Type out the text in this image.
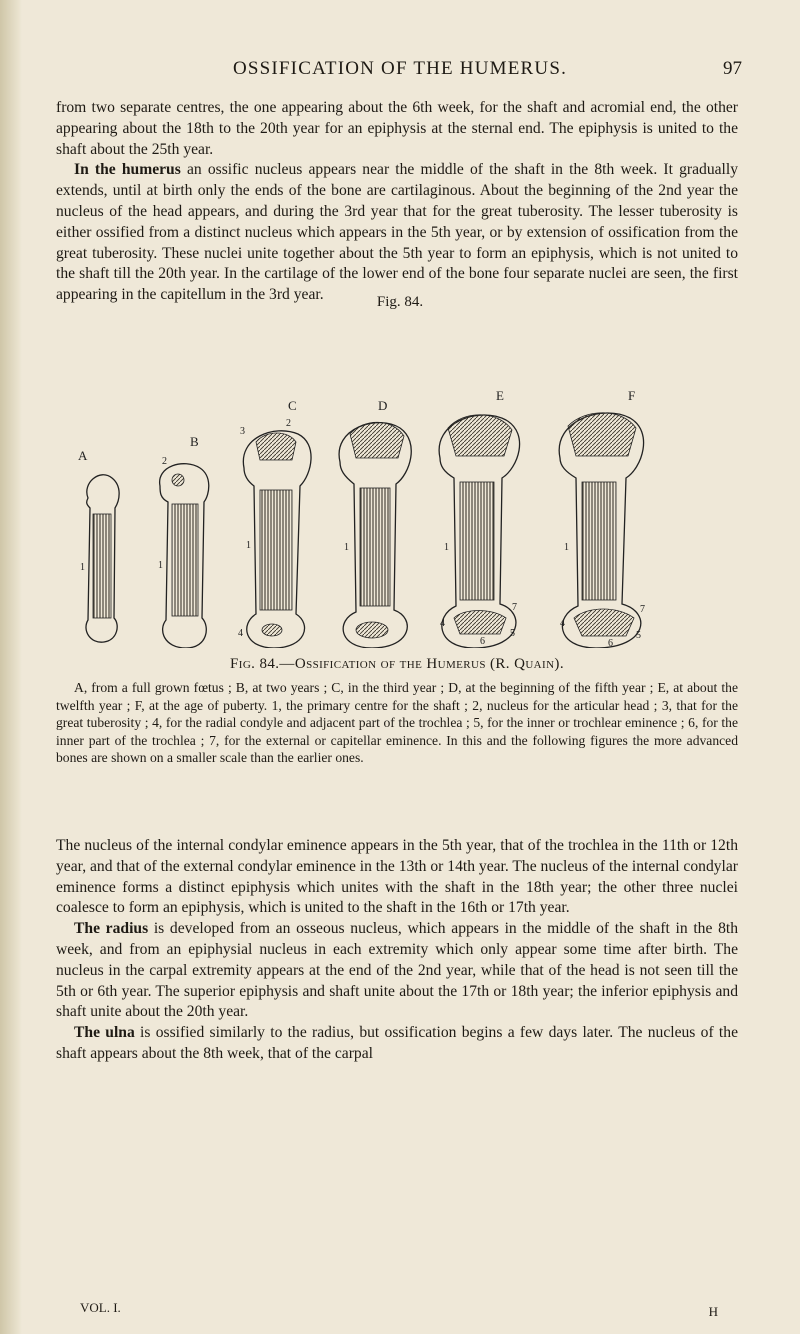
OSSIFICATION OF THE HUMERUS.	97

from two separate centres, the one appearing about the 6th week, for the shaft and acromial end, the other appearing about the 18th to the 20th year for an epiphysis at the sternal end. The epiphysis is united to the shaft about the 25th year.

In the humerus an ossific nucleus appears near the middle of the shaft in the 8th week. It gradually extends, until at birth only the ends of the bone are cartilaginous. About the beginning of the 2nd year the nucleus of the head appears, and during the 3rd year that for the great tuberosity. The lesser tuberosity is either ossified from a distinct nucleus which appears in the 5th year, or by extension of ossification from the great tuberosity. These nuclei unite together about the 5th year to form an epiphysis, which is not united to the shaft till the 20th year. In the cartilage of the lower end of the bone four separate nuclei are seen, the first appearing in the capitellum in the 3rd year.	Fig. 84.
A
1
B
2
1
C
2
3
1
4
D
1
E
1
4
6
5
7
F
1
4
6
5
7
Fig. 84.—Ossification of the Humerus (R. Quain).

A, from a full grown fœtus ; B, at two years ; C, in the third year ; D, at the beginning of the fifth year ; E, at about the twelfth year ; F, at the age of puberty. 1, the primary centre for the shaft ; 2, nucleus for the articular head ; 3, that for the great tuberosity ; 4, for the radial condyle and adjacent part of the trochlea ; 5, for the inner or trochlear eminence ; 6, for the inner part of the trochlea ; 7, for the external or capitellar eminence. In this and the following figures the more advanced bones are shown on a smaller scale than the earlier ones.

The nucleus of the internal condylar eminence appears in the 5th year, that of the trochlea in the 11th or 12th year, and that of the external condylar eminence in the 13th or 14th year. The nucleus of the internal condylar eminence forms a distinct epiphysis which unites with the shaft in the 18th year; the other three nuclei coalesce to form an epiphysis, which is united to the shaft in the 16th or 17th year.

The radius is developed from an osseous nucleus, which appears in the middle of the shaft in the 8th week, and from an epiphysial nucleus in each extremity which only appear some time after birth. The nucleus in the carpal extremity appears at the end of the 2nd year, while that of the head is not seen till the 5th or 6th year. The superior epiphysis and shaft unite about the 17th or 18th year; the inferior epiphysis and shaft unite about the 20th year.

The ulna is ossified similarly to the radius, but ossification begins a few days later. The nucleus of the shaft appears about the 8th week, that of the carpal

VOL. I.	H
